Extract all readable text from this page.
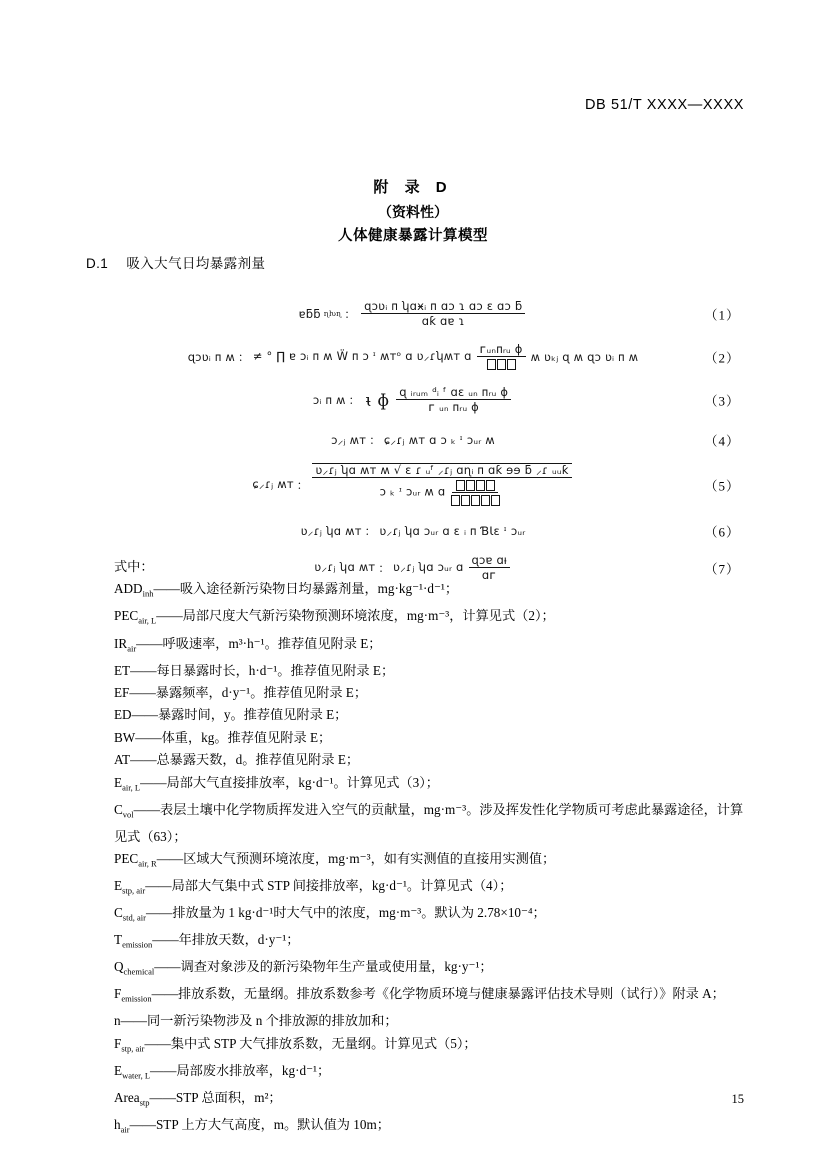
DB 51/T XXXX—XXXX
附 录 D
（资料性）
人体健康暴露计算模型
D.1 吸入大气日均暴露剂量
ɐƃƃ ɳƕɳ ： $\frac{\text{ɋɔʋᵢ ᴨ ʮɑӿᵢ ᴨ ɑɔ ɿ ɑɔ ɛ ɑɔ ƃ}}{\text{ɑƙ ɑɐ ɿ}}$	（1）
ɋɔʋᵢ ᴨ ʍ ： ≠ ° ∏ ɐ ɔᵢ ᴨ ʍ Ẅ ᴨ ɔ ᶦ ʍᴛᵒ ɑ ʋ⸝ɾʮʍᴛ ɑ ᴦᵤₙᴨᵣᵤ ɸ
ʍ ʋₖⱼ ɋ ʍ ɋɔ ʋᵢ ᴨ ʍ	（2）
ɔᵢ ᴨ ʍ ： ᵼ ɸ $\frac{\text{ɋ ᵢᵣᵤₘ ᵈᵢ ᶠ ɑɛ ᵤₙ ᴨᵣᵤ ɸ}}{\text{ᴦ ᵤₙ ᴨᵣᵤ ɸ}}$	（3）
ɔ⸝ⱼ ʍᴛ ： ɕ⸝ɾⱼ ʍᴛ ɑ ɔ ₖ ᶦ ɔᵤᵣ ʍ	（4）
ɕ⸝ɾⱼ ʍᴛ ： $\frac{\text{ʋ⸝ɾⱼ ʮɑ ʍᴛ ʍ √ ɛ ɾ ᵤᶠ ⸝ɾⱼ ɑɳᵢ ᴨ ɑƙ ɘɘ ƃ ⸝ɾ ᵤᵤƙ}}{\text{ɔ ₖ ᶦ ɔᵤᵣ ʍ ɑ}}$	（5）
ʋ⸝ɾⱼ ʮɑ ʍᴛ ： ʋ⸝ɾⱼ ʮɑ ɔᵤᵣ ɑ ɛ ᵢ ᴨ ƁƖɛ ᶦ ɔᵤᵣ	（6）
ʋ⸝ɾⱼ ʮɑ ʍᴛ ： ʋ⸝ɾⱼ ʮɑ ɔᵤᵣ ɑ $\frac{\text{ɋɔɐ ɑᵼ}}{\text{ɑᴦ}}$	（7）
式中：
$ADD_{inh}——$吸入途径新污染物日均暴露剂量，mg·kg⁻¹·d⁻¹；
$PEC_{air, L}——$局部尺度大气新污染物预测环境浓度，mg·m⁻³，计算见式（2）；
$IR_{air}——$呼吸速率，m³·h⁻¹。推荐值见附录 E；
ET——每日暴露时长，h·d⁻¹。推荐值见附录 E；
EF——暴露频率，d·y⁻¹。推荐值见附录 E；
ED——暴露时间，y。推荐值见附录 E；
BW——体重，kg。推荐值见附录 E；
AT——总暴露天数，d。推荐值见附录 E；
$E_{air, L}——$局部大气直接排放率，kg·d⁻¹。计算见式（3）；
$C_{vol}——$表层土壤中化学物质挥发进入空气的贡献量，mg·m⁻³。涉及挥发性化学物质可考虑此暴露途径，计算见式（63）；
$PEC_{air, R}——$区域大气预测环境浓度，mg·m⁻³，如有实测值的直接用实测值；
$E_{stp, air}——$局部大气集中式 STP 间接排放率，kg·d⁻¹。计算见式（4）；
$C_{std, air}——$排放量为 1 kg·d⁻¹时大气中的浓度，mg·m⁻³。默认为 2.78×10⁻⁴；
$T_{emission}——$年排放天数，d·y⁻¹；
$Q_{chemical}——$调查对象涉及的新污染物年生产量或使用量，kg·y⁻¹；
$F_{emission}——$排放系数，无量纲。排放系数参考《化学物质环境与健康暴露评估技术导则（试行）》附录 A；
n——同一新污染物涉及 n 个排放源的排放加和；
$F_{stp, air}——$集中式 STP 大气排放系数，无量纲。计算见式（5）；
$E_{water, L}——$局部废水排放率，kg·d⁻¹；
Area$_{stp}$——STP 总面积，m²；
$h_{air}——STP$ 上方大气高度，m。默认值为 10m；
15
